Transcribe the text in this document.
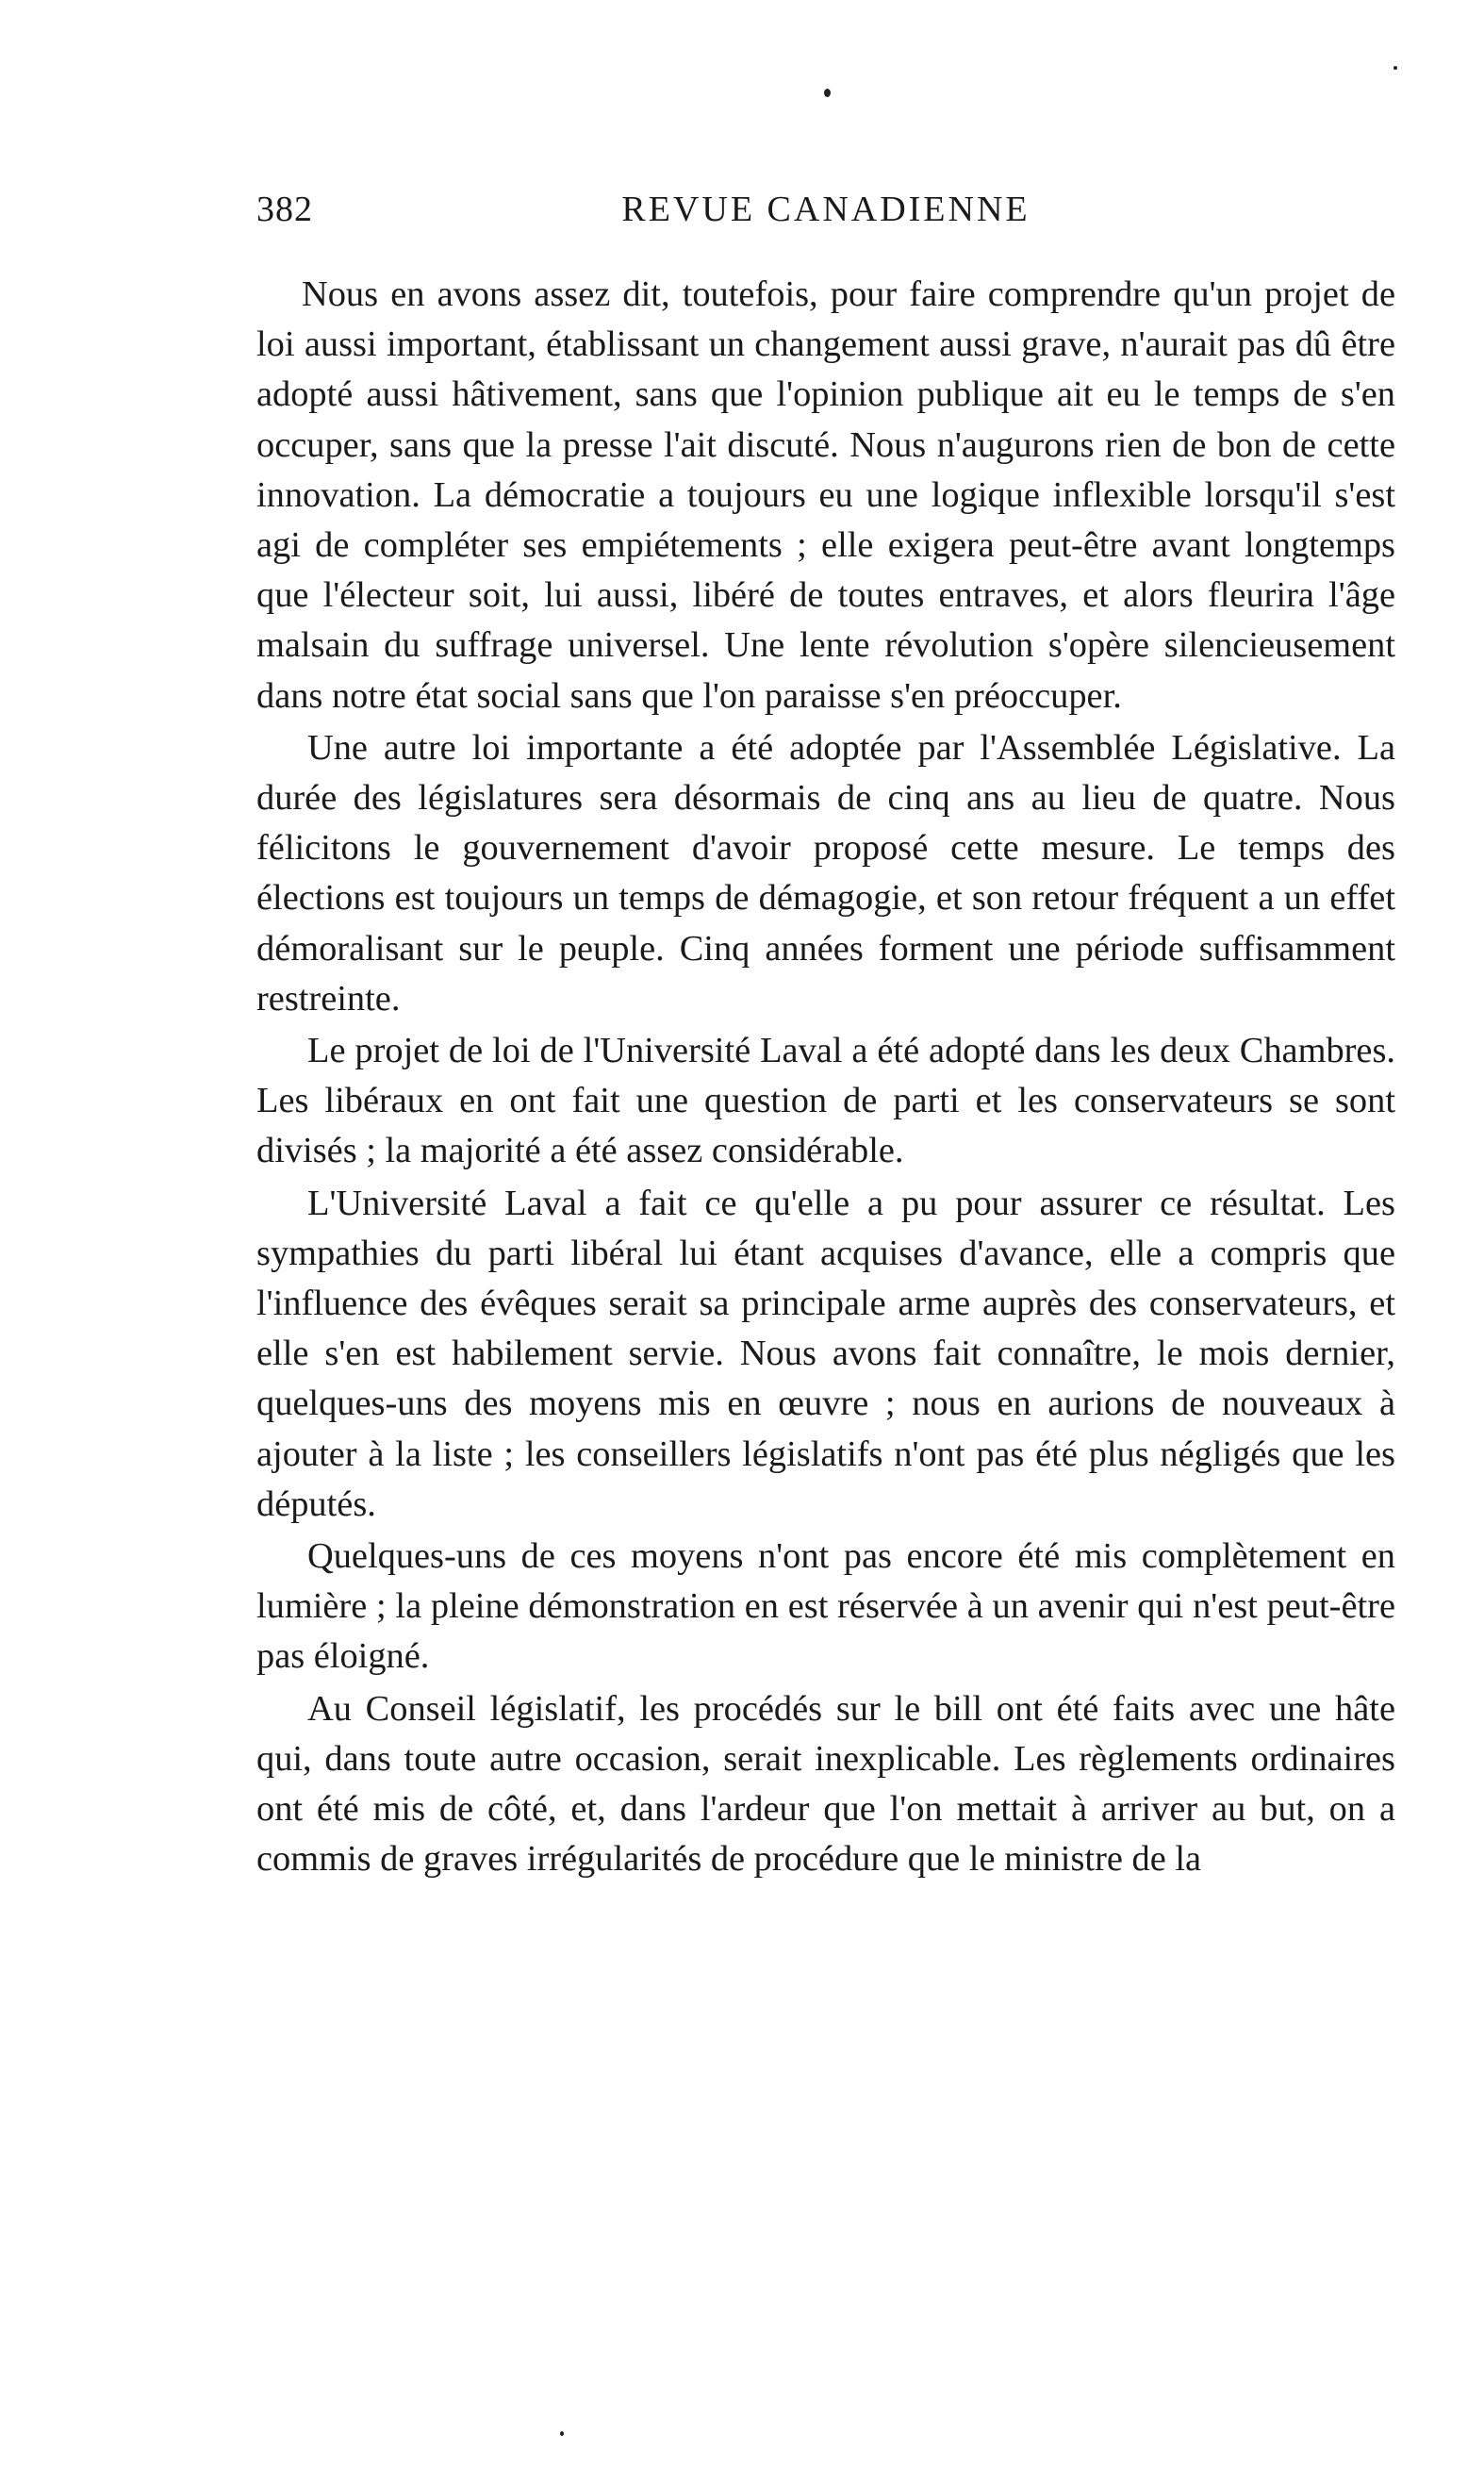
382	REVUE CANADIENNE

Nous en avons assez dit, toutefois, pour faire comprendre qu'un projet de loi aussi important, établissant un changement aussi grave, n'aurait pas dû être adopté aussi hâtivement, sans que l'opinion publique ait eu le temps de s'en occuper, sans que la presse l'ait discuté. Nous n'augurons rien de bon de cette innovation. La démocratie a toujours eu une logique inflexible lorsqu'il s'est agi de compléter ses empiétements ; elle exigera peut-être avant longtemps que l'électeur soit, lui aussi, libéré de toutes entraves, et alors fleurira l'âge malsain du suffrage universel. Une lente révolution s'opère silencieusement dans notre état social sans que l'on paraisse s'en préoccuper.

Une autre loi importante a été adoptée par l'Assemblée Législative. La durée des législatures sera désormais de cinq ans au lieu de quatre. Nous félicitons le gouvernement d'avoir proposé cette mesure. Le temps des élections est toujours un temps de démagogie, et son retour fréquent a un effet démoralisant sur le peuple. Cinq années forment une période suffisamment restreinte.

Le projet de loi de l'Université Laval a été adopté dans les deux Chambres. Les libéraux en ont fait une question de parti et les conservateurs se sont divisés ; la majorité a été assez considérable.

L'Université Laval a fait ce qu'elle a pu pour assurer ce résultat. Les sympathies du parti libéral lui étant acquises d'avance, elle a compris que l'influence des évêques serait sa principale arme auprès des conservateurs, et elle s'en est habilement servie. Nous avons fait connaître, le mois dernier, quelques-uns des moyens mis en œuvre ; nous en aurions de nouveaux à ajouter à la liste ; les conseillers législatifs n'ont pas été plus négligés que les députés.

Quelques-uns de ces moyens n'ont pas encore été mis complètement en lumière ; la pleine démonstration en est réservée à un avenir qui n'est peut-être pas éloigné.

Au Conseil législatif, les procédés sur le bill ont été faits avec une hâte qui, dans toute autre occasion, serait inexplicable. Les règlements ordinaires ont été mis de côté, et, dans l'ardeur que l'on mettait à arriver au but, on a commis de graves irrégularités de procédure que le ministre de la
